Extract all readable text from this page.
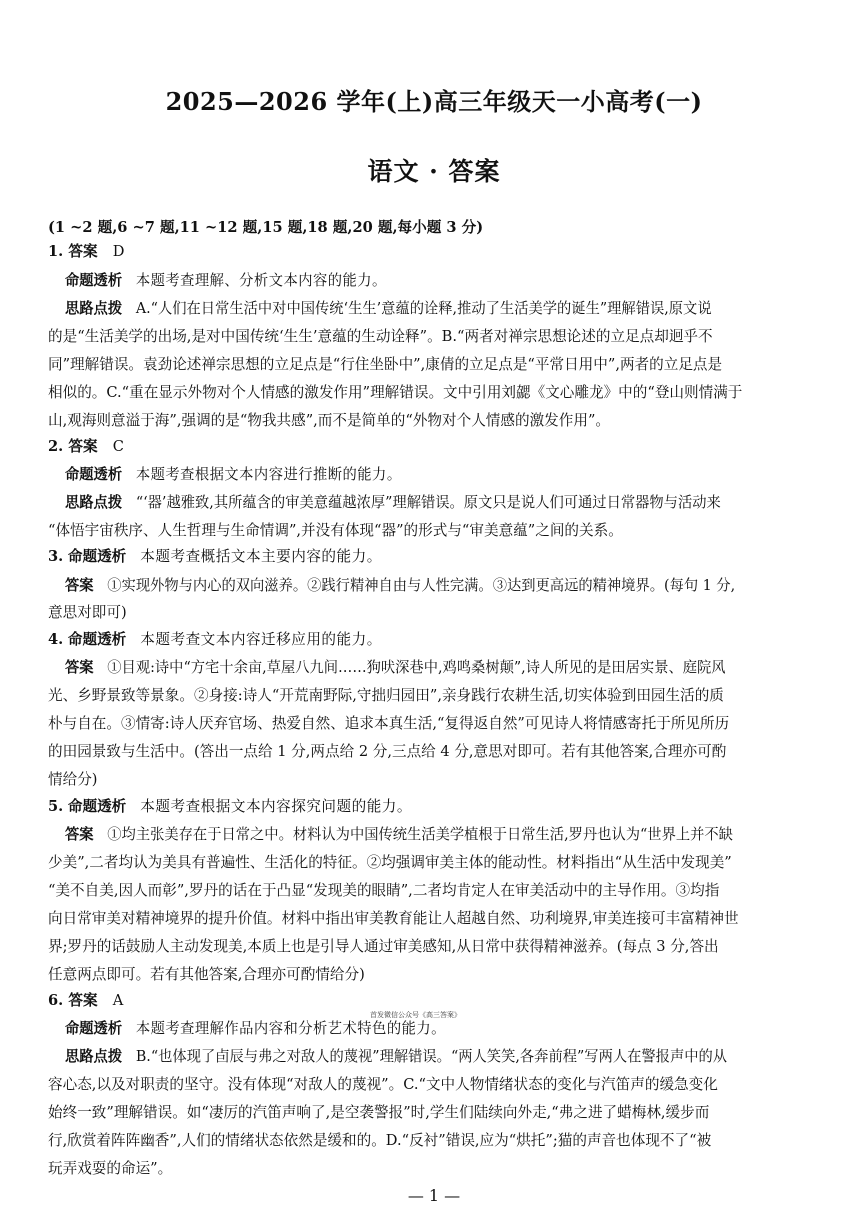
2025—2026 学年(上)高三年级天一小高考(一)
语文 · 答案
(1 ~2 题,6 ~7 题,11 ~12 题,15 题,18 题,20 题,每小题 3 分)
1. 答案 D
命题透析 本题考查理解、分析文本内容的能力。
思路点拨 A.“人们在日常生活中对中国传统‘生生’意蕴的诠释,推动了生活美学的诞生”理解错误,原文说
的是“生活美学的出场,是对中国传统‘生生’意蕴的生动诠释”。B.“两者对禅宗思想论述的立足点却迥乎不
同”理解错误。袁劲论述禅宗思想的立足点是“行住坐卧中”,康倩的立足点是“平常日用中”,两者的立足点是
相似的。C.“重在显示外物对个人情感的激发作用”理解错误。文中引用刘勰《文心雕龙》中的“登山则情满于
山,观海则意溢于海”,强调的是“物我共感”,而不是简单的“外物对个人情感的激发作用”。
2. 答案 C
命题透析 本题考查根据文本内容进行推断的能力。
思路点拨 “‘器’越雅致,其所蕴含的审美意蕴越浓厚”理解错误。原文只是说人们可通过日常器物与活动来
“体悟宇宙秩序、人生哲理与生命情调”,并没有体现“器”的形式与“审美意蕴”之间的关系。
3. 命题透析 本题考查概括文本主要内容的能力。
答案 ①实现外物与内心的双向滋养。②践行精神自由与人性完满。③达到更高远的精神境界。(每句 1 分,
意思对即可)
4. 命题透析 本题考查文本内容迁移应用的能力。
答案 ①目观:诗中“方宅十余亩,草屋八九间……狗吠深巷中,鸡鸣桑树颠”,诗人所见的是田居实景、庭院风
光、乡野景致等景象。②身接:诗人“开荒南野际,守拙归园田”,亲身践行农耕生活,切实体验到田园生活的质
朴与自在。③情寄:诗人厌弃官场、热爱自然、追求本真生活,“复得返自然”可见诗人将情感寄托于所见所历
的田园景致与生活中。(答出一点给 1 分,两点给 2 分,三点给 4 分,意思对即可。若有其他答案,合理亦可酌
情给分)
5. 命题透析 本题考查根据文本内容探究问题的能力。
答案 ①均主张美存在于日常之中。材料认为中国传统生活美学植根于日常生活,罗丹也认为“世界上并不缺
少美”,二者均认为美具有普遍性、生活化的特征。②均强调审美主体的能动性。材料指出“从生活中发现美”
“美不自美,因人而彰”,罗丹的话在于凸显“发现美的眼睛”,二者均肯定人在审美活动中的主导作用。③均指
向日常审美对精神境界的提升价值。材料中指出审美教育能让人超越自然、功利境界,审美连接可丰富精神世
界;罗丹的话鼓励人主动发现美,本质上也是引导人通过审美感知,从日常中获得精神滋养。(每点 3 分,答出
任意两点即可。若有其他答案,合理亦可酌情给分)
6. 答案 A
首发微信公众号《高三答案》
命题透析 本题考查理解作品内容和分析艺术特色的能力。
思路点拨 B.“也体现了卣辰与弗之对敌人的蔑视”理解错误。“两人笑笑,各奔前程”写两人在警报声中的从
容心态,以及对职责的坚守。没有体现“对敌人的蔑视”。C.“文中人物情绪状态的变化与汽笛声的缓急变化
始终一致”理解错误。如“凄厉的汽笛声响了,是空袭警报”时,学生们陆续向外走,“弗之进了蜡梅林,缓步而
行,欣赏着阵阵幽香”,人们的情绪状态依然是缓和的。D.“反衬”错误,应为“烘托”;猫的声音也体现不了“被
玩弄戏耍的命运”。
— 1 —
